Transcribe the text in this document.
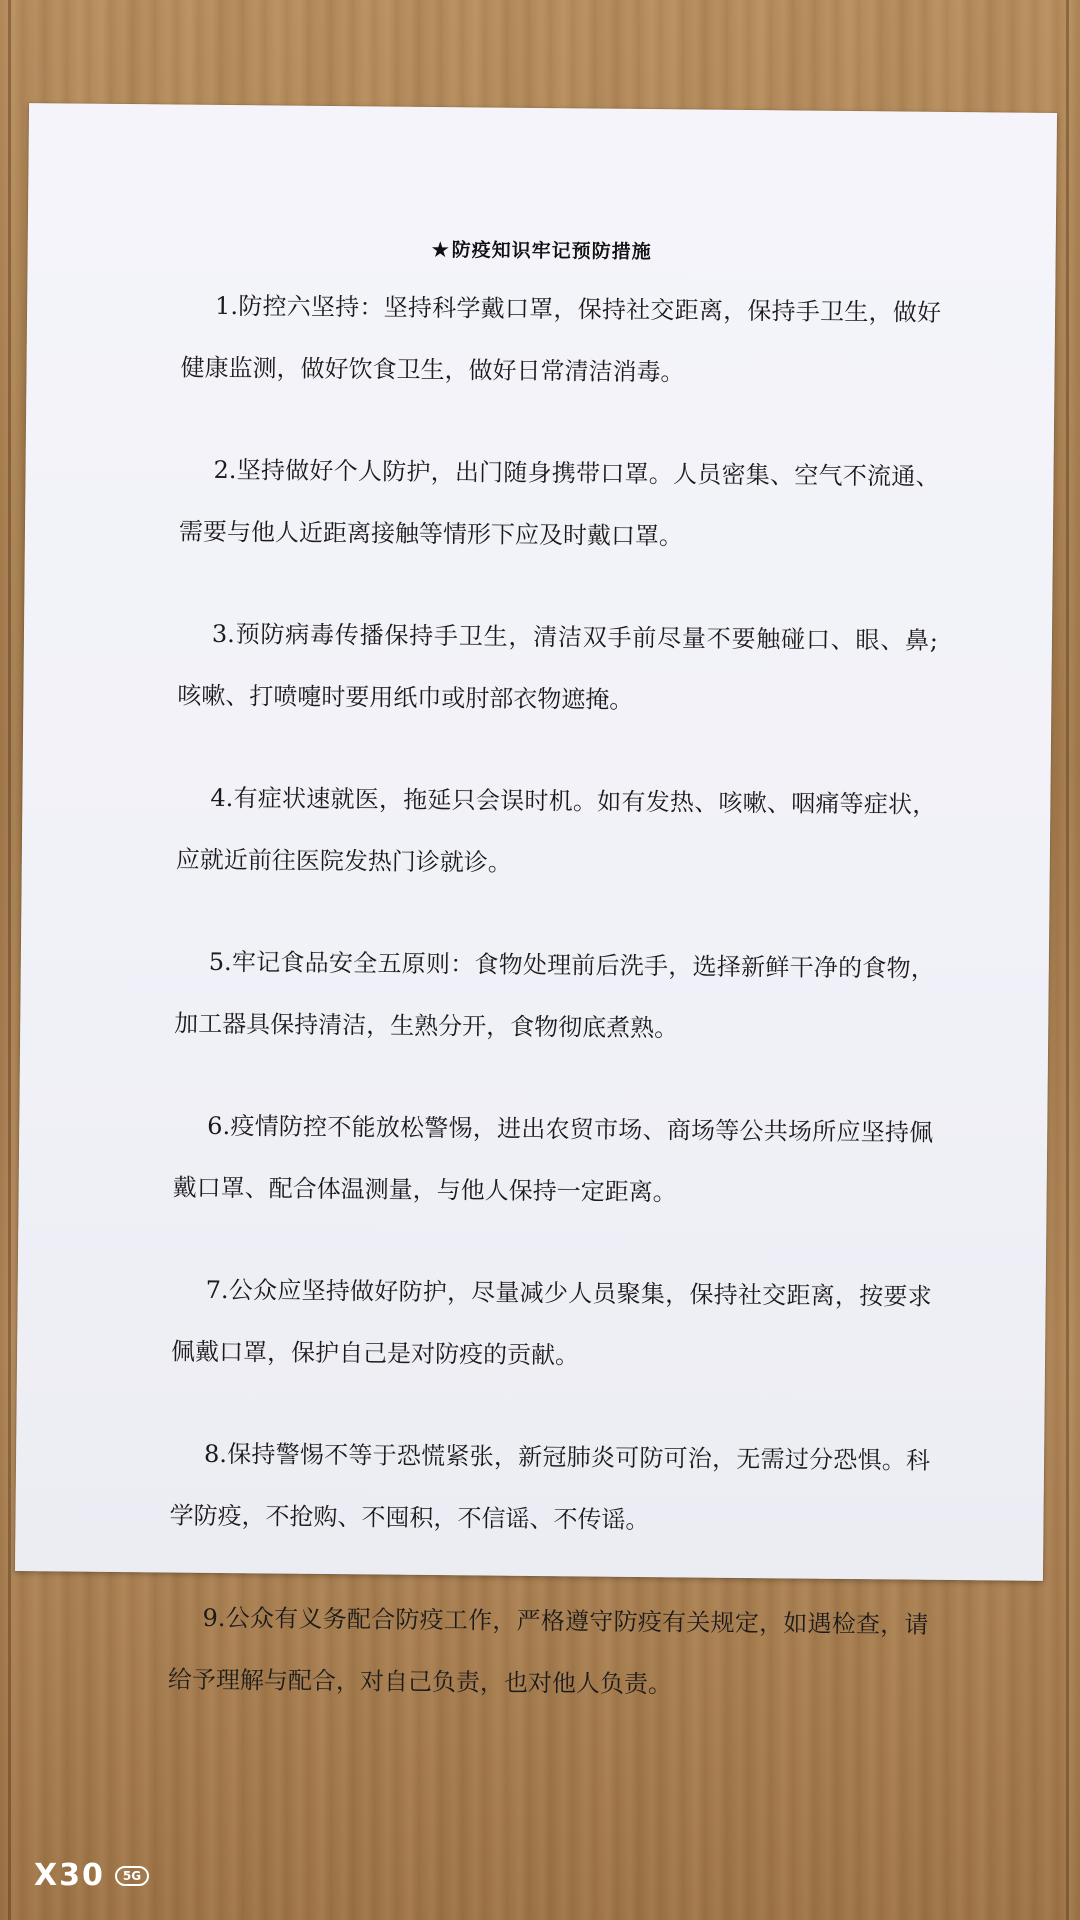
★防疫知识牢记预防措施
1.防控六坚持：坚持科学戴口罩，保持社交距离，保持手卫生，做好健康监测，做好饮食卫生，做好日常清洁消毒。
2.坚持做好个人防护，出门随身携带口罩。人员密集、空气不流通、需要与他人近距离接触等情形下应及时戴口罩。
3.预防病毒传播保持手卫生，清洁双手前尽量不要触碰口、眼、鼻;咳嗽、打喷嚏时要用纸巾或肘部衣物遮掩。
4.有症状速就医，拖延只会误时机。如有发热、咳嗽、咽痛等症状，应就近前往医院发热门诊就诊。
5.牢记食品安全五原则：食物处理前后洗手，选择新鲜干净的食物，加工器具保持清洁，生熟分开，食物彻底煮熟。
6.疫情防控不能放松警惕，进出农贸市场、商场等公共场所应坚持佩戴口罩、配合体温测量，与他人保持一定距离。
7.公众应坚持做好防护，尽量减少人员聚集，保持社交距离，按要求佩戴口罩，保护自己是对防疫的贡献。
8.保持警惕不等于恐慌紧张，新冠肺炎可防可治，无需过分恐惧。科学防疫，不抢购、不囤积，不信谣、不传谣。
9.公众有义务配合防疫工作，严格遵守防疫有关规定，如遇检查，请给予理解与配合，对自己负责，也对他人负责。
X30	5G
